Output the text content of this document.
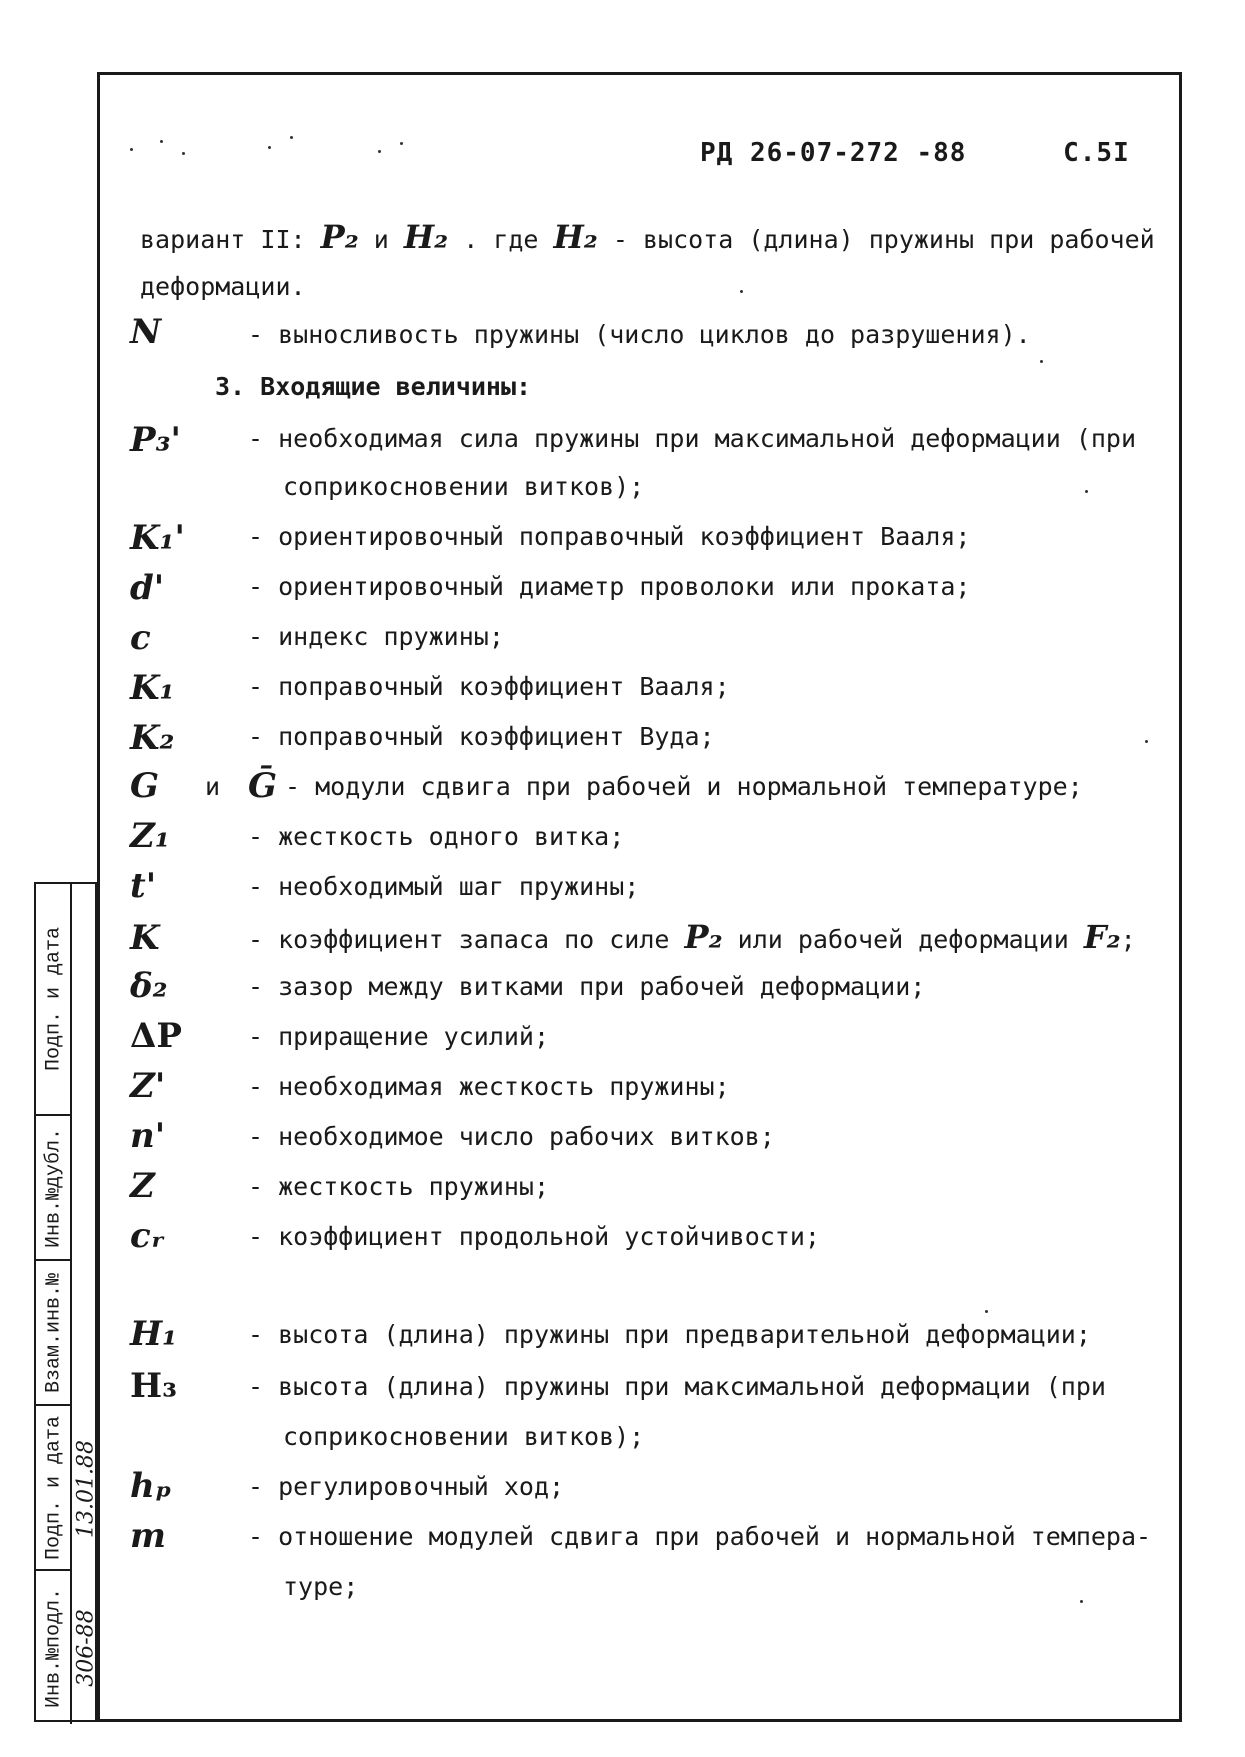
РД 26-07-272 -88	С.5I
вариант II: P₂ и H₂ . где H₂ - высота (длина) пружины при рабочей
деформации.
N	- выносливость пружины (число циклов до разрушения).
3. Входящие величины:
P₃'	- необходимая сила пружины при максимальной деформации (при
соприкосновении витков);
K₁'	- ориентировочный поправочный коэффициент Вааля;
d'	- ориентировочный диаметр проволоки или проката;
c	- индекс пружины;
K₁	- поправочный коэффициент Вааля;
K₂	- поправочный коэффициент Вуда;
G и Ḡ - модули сдвига при рабочей и нормальной температуре;
Z₁	- жесткость одного витка;
t'	- необходимый шаг пружины;
K	- коэффициент запаса по силе P₂ или рабочей деформации F₂;
δ₂	- зазор между витками при рабочей деформации;
ΔP	- приращение усилий;
Z'	- необходимая жесткость пружины;
n'	- необходимое число рабочих витков;
Z	- жесткость пружины;
cᵣ	- коэффициент продольной устойчивости;
H₁	- высота (длина) пружины при предварительной деформации;
H₃	- высота (длина) пружины при максимальной деформации (при
соприкосновении витков);
hₚ	- регулировочный ход;
m	- отношение модулей сдвига при рабочей и нормальной темпера-
туре;
Подп. и дата
Инв.№дубл.
Взам.инв.№
Подп. и дата
Инв.№подл.
13.01.88
306-88
